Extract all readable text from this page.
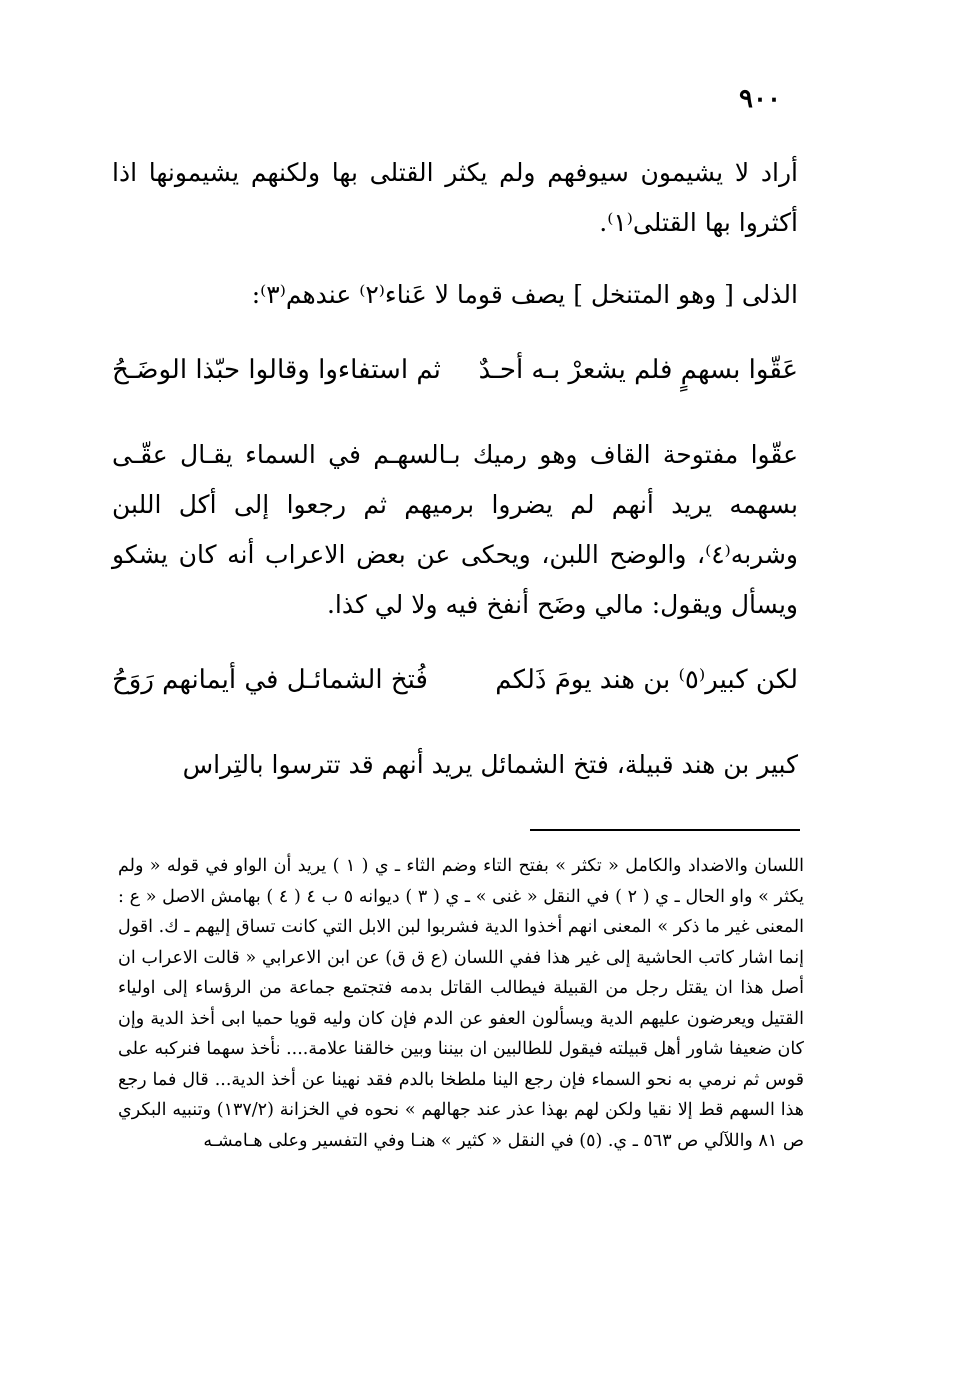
٩٠٠
أراد لا يشيمون سيوفهم ولم يكثر القتلى بها ولكنهم يشيمونها اذا أكثروا بها القتلى⁽١⁾.
الذلى [ وهو المتنخل ] يصف قوما لا عَناء⁽٢⁾ عندهم⁽٣⁾:
عَقّوا بسهمٍ فلم يشعرْ بـه أحـدٌ
ثم استفاءوا وقالوا حبّذا الوضَـحُ
عقّوا مفتوحة القاف وهو رميك بـالسهـم في السماء يقـال عقّـى بسهمه يريد أنهم لم يضروا برميهم ثم رجعوا إلى أكل اللبن وشربه⁽٤⁾، والوضح اللبن، ويحكى عن بعض الاعراب أنه كان يشكو ويسأل ويقول: مالي وضَح أنفخ فيه ولا لي كذا.
لكن كبير⁽٥⁾ بن هند يومَ ذَلكم
فُتخ الشمائـل في أيمانهم رَوَحُ
كبير بن هند قبيلة، فتخ الشمائل يريد أنهم قد تترسوا بالتِراس
اللسان والاضداد والكامل « تكثر » بفتح التاء وضم الثاء ـ ي ( ١ ) يريد أن الواو في قوله « ولم يكثر » واو الحال ـ ي ( ٢ ) في النقل « غنى » ـ ي ( ٣ ) ديوانه ٥ ب ٤ ( ٤ ) بهامش الاصل « ع : المعنى غير ما ذكر » المعنى انهم أخذوا الدية فشربوا لبن الابل التي كانت تساق إليهم ـ ك. اقول إنما اشار كاتب الحاشية إلى غير هذا ففي اللسان (ع ق ق) عن ابن الاعرابي « قالت الاعراب ان أصل هذا ان يقتل رجل من القبيلة فيطالب القاتل بدمه فتجتمع جماعة من الرؤساء إلى اولياء القتيل ويعرضون عليهم الدية ويسألون العفو عن الدم فإن كان وليه قويا حميا ابى أخذ الدية وإن كان ضعيفا شاور أهل قبيلته فيقول للطالبين ان بيننا وبين خالقنا علامة.... نأخذ سهما فنركبه على قوس ثم نرمي به نحو السماء فإن رجع الينا ملطخا بالدم فقد نهينا عن أخذ الدية... قال فما رجع هذا السهم قط إلا نقيا ولكن لهم بهذا عذر عند جهالهم » نحوه في الخزانة (١٣٧/٢) وتنبيه البكري ص ٨١ واللآلي ص ٥٦٣ ـ ي. (٥) في النقل « كثير » هنـا وفي التفسير وعلى هـامشـه
